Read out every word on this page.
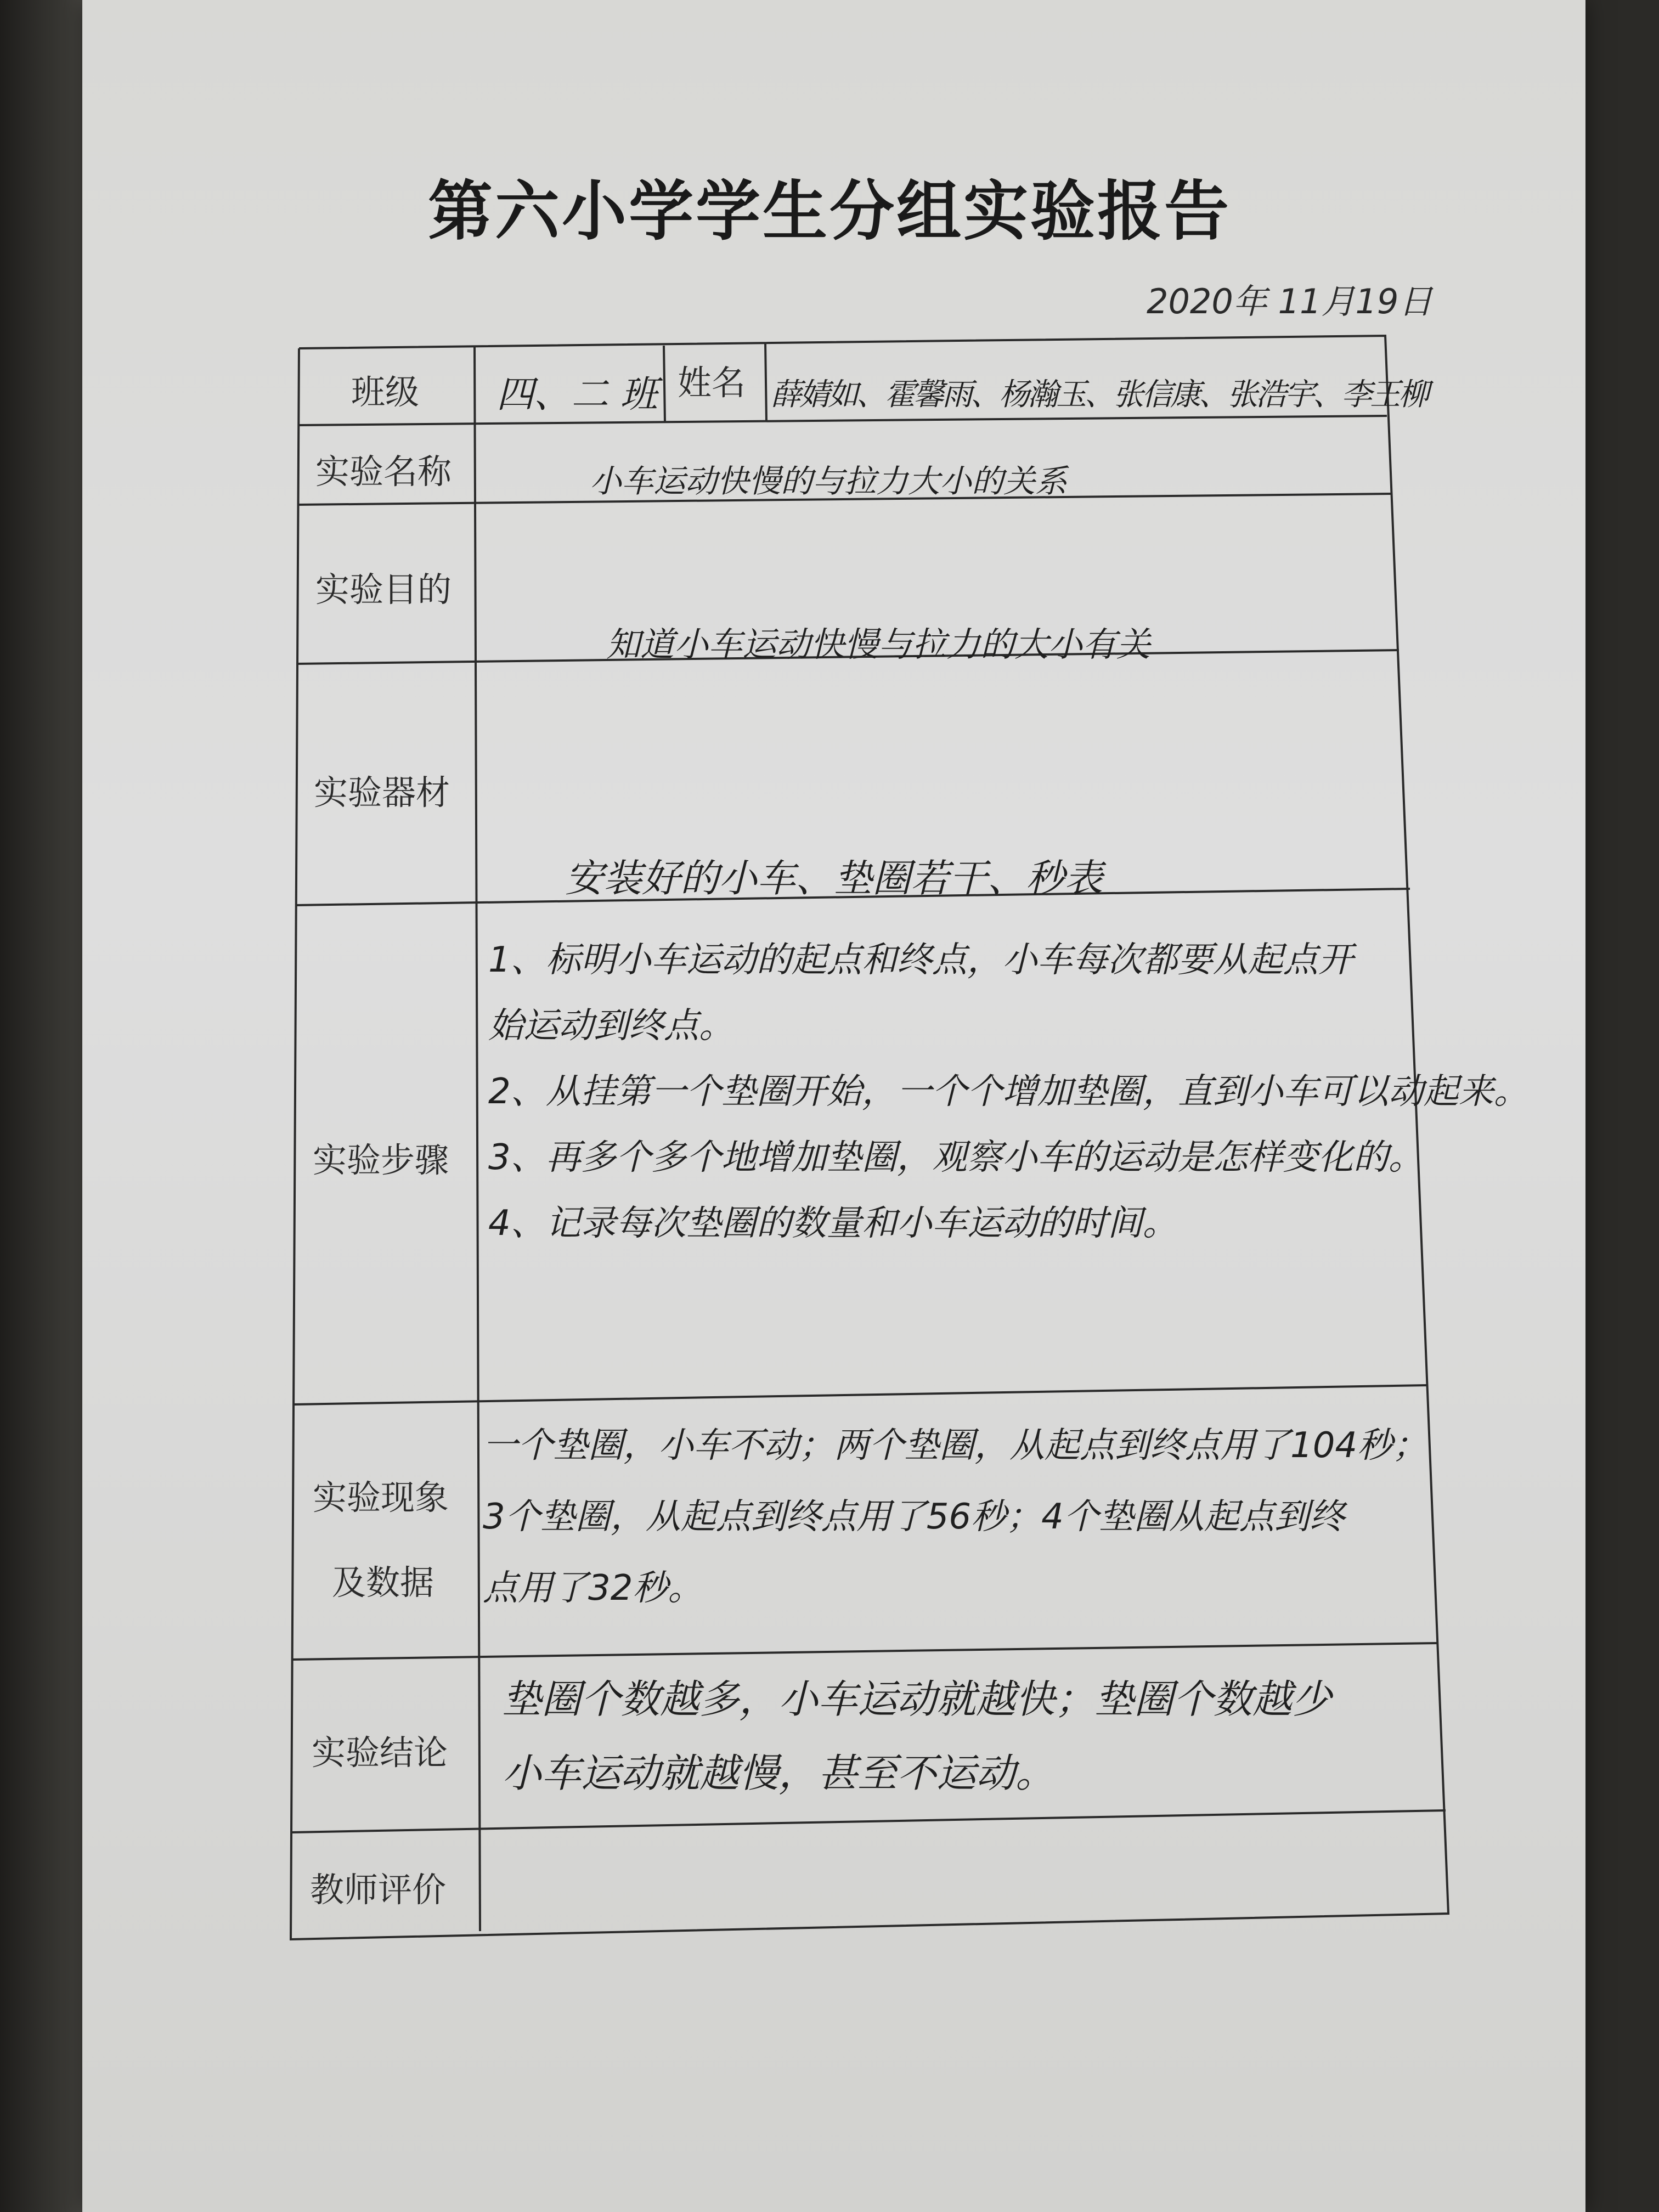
第六小学学生分组实验报告
2020年 11月19日
班级 四、二 班 姓名 薛婧如、霍馨雨、杨瀚玉、张信康、张浩宇、李王柳
实验名称	小车运动快慢的与拉力大小的关系
实验目的
知道小车运动快慢与拉力的大小有关
实验器材
安装好的小车、垫圈若干、秒表
实验步骤
1、标明小车运动的起点和终点，小车每次都要从起点开
始运动到终点。
2、从挂第一个垫圈开始，一个个增加垫圈，直到小车可以动起来。
3、再多个多个地增加垫圈，观察小车的运动是怎样变化的。
4、记录每次垫圈的数量和小车运动的时间。
实验现象
及数据
一个垫圈，小车不动；两个垫圈，从起点到终点用了104秒；
3个垫圈，从起点到终点用了56秒；4个垫圈从起点到终
点用了32秒。
实验结论
垫圈个数越多，小车运动就越快；垫圈个数越少
小车运动就越慢，甚至不运动。
教师评价
